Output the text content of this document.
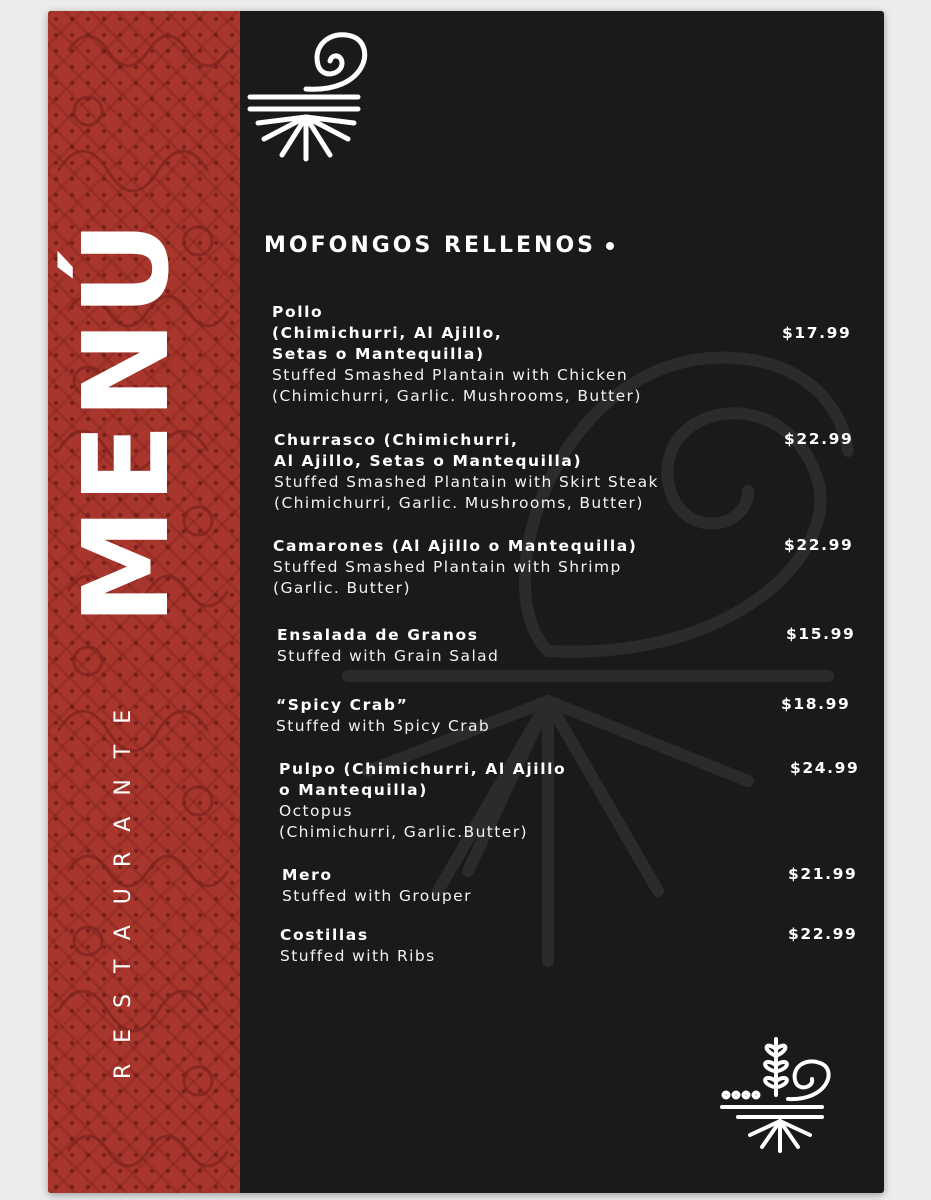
MENÚ
RESTAURANTE
MOFONGOS RELLENOS
Pollo
(Chimichurri, Al Ajillo,
Setas o Mantequilla)
Stuffed Smashed Plantain with Chicken
(Chimichurri, Garlic. Mushrooms, Butter)
$17.99
Churrasco (Chimichurri,
Al Ajillo, Setas o Mantequilla)
Stuffed Smashed Plantain with Skirt Steak
(Chimichurri, Garlic. Mushrooms, Butter)
$22.99
Camarones (Al Ajillo o Mantequilla)
Stuffed Smashed Plantain with Shrimp
(Garlic. Butter)
$22.99
Ensalada de Granos
Stuffed with Grain Salad
$15.99
“Spicy Crab”
Stuffed with Spicy Crab
$18.99
Pulpo (Chimichurri, Al Ajillo
o Mantequilla)
Octopus
(Chimichurri, Garlic.Butter)
$24.99
Mero
Stuffed with Grouper
$21.99
Costillas
Stuffed with Ribs
$22.99
